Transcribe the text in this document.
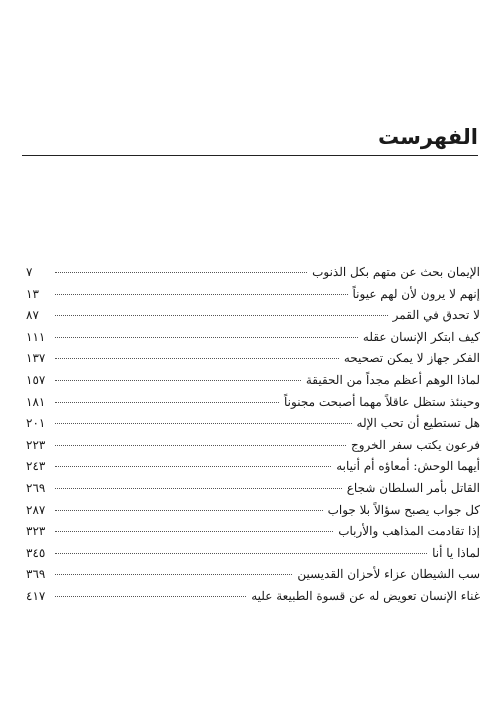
الفهرست
الإيمان بحث عن متهم بكل الذنوب
٧
إنهم لا يرون لأن لهم عيوناً
١٣
لا تحدق في القمر
٨٧
كيف ابتكر الإنسان عقله
١١١
الفكر جهاز لا يمكن تصحيحه
١٣٧
لماذا الوهم أعظم مجداً من الحقيقة
١٥٧
وحينئذ ستظل عاقلاً مهما أصبحت مجنوناً
١٨١
هل تستطيع أن تحب الإله
٢٠١
فرعون يكتب سفر الخروج
٢٢٣
أيهما الوحش: أمعاؤه أم أنيابه
٢٤٣
القاتل بأمر السلطان شجاع
٢٦٩
كل جواب يصبح سؤالاً بلا جواب
٢٨٧
إذا تقادمت المذاهب والأرباب
٣٢٣
لماذا يا أنا
٣٤٥
سب الشيطان عزاء لأحزان القديسين
٣٦٩
غناء الإنسان تعويض له عن قسوة الطبيعة عليه
٤١٧
